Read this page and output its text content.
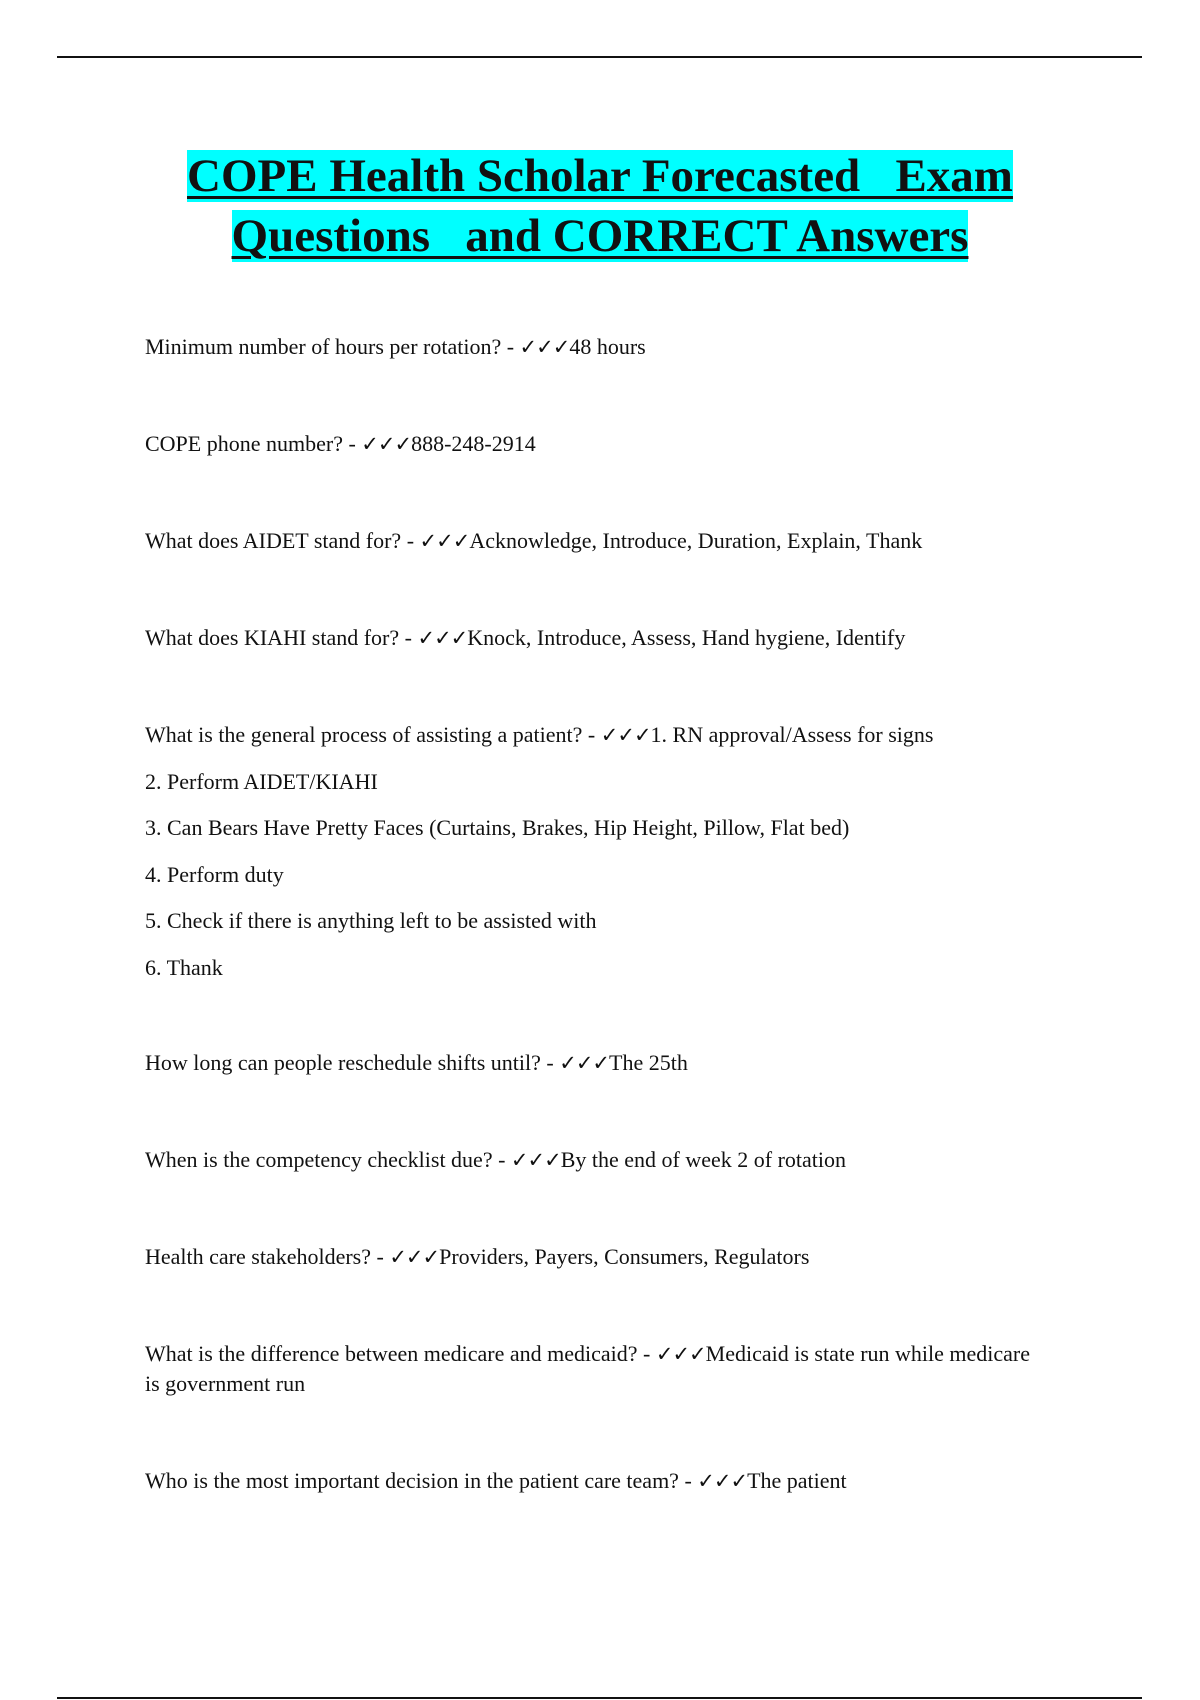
COPE Health Scholar Forecasted   Exam
Questions   and CORRECT Answers

Minimum number of hours per rotation? - ✓✓✓48 hours

COPE phone number? - ✓✓✓888-248-2914

What does AIDET stand for? - ✓✓✓Acknowledge, Introduce, Duration, Explain, Thank

What does KIAHI stand for? - ✓✓✓Knock, Introduce, Assess, Hand hygiene, Identify

What is the general process of assisting a patient? - ✓✓✓1. RN approval/Assess for signs

2. Perform AIDET/KIAHI

3. Can Bears Have Pretty Faces (Curtains, Brakes, Hip Height, Pillow, Flat bed)

4. Perform duty

5. Check if there is anything left to be assisted with

6. Thank

How long can people reschedule shifts until? - ✓✓✓The 25th

When is the competency checklist due? - ✓✓✓By the end of week 2 of rotation

Health care stakeholders? - ✓✓✓Providers, Payers, Consumers, Regulators

What is the difference between medicare and medicaid? - ✓✓✓Medicaid is state run while medicare is government run

Who is the most important decision in the patient care team? - ✓✓✓The patient
